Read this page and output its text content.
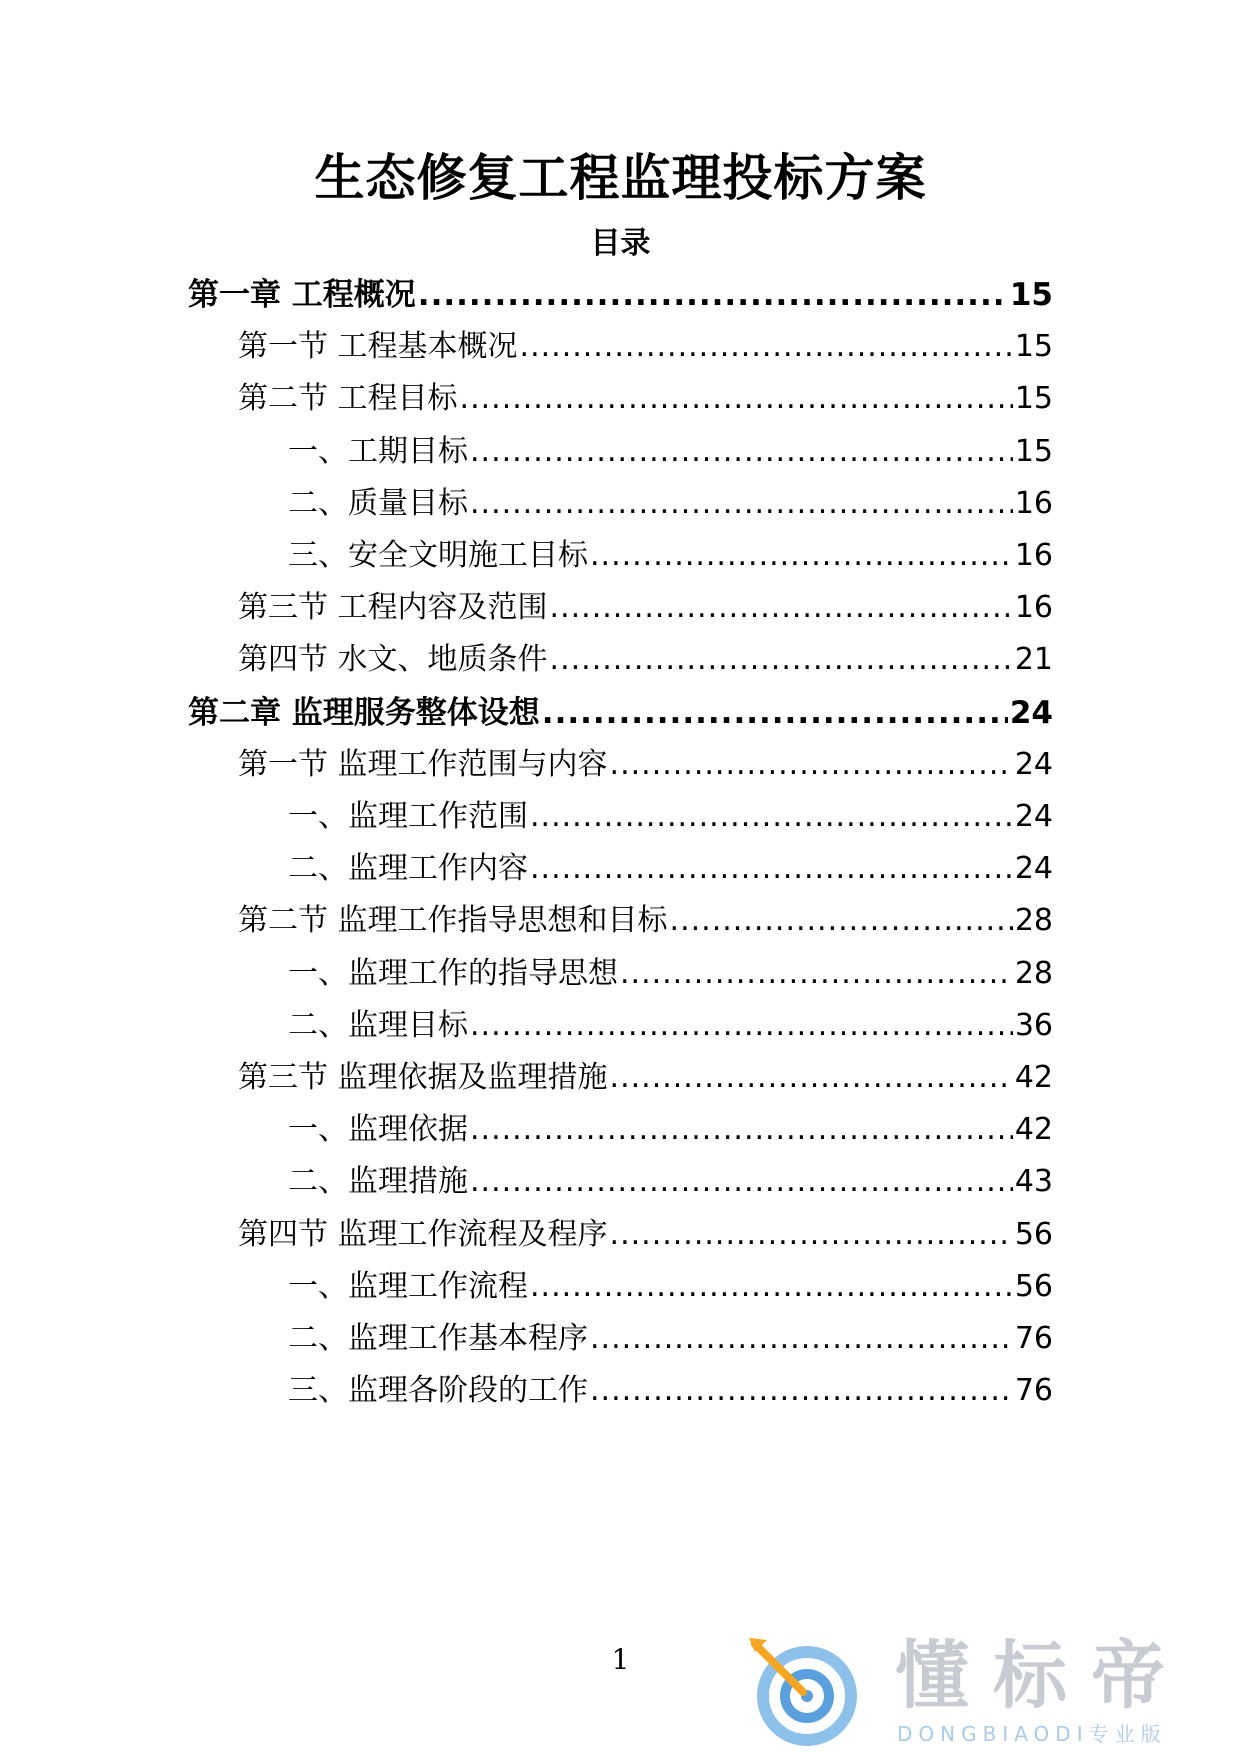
生态修复工程监理投标方案
目录
第一章 工程概况 .....	15
第一节 工程基本概况 .....	15
第二节 工程目标 .....	15
一、工期目标 .....	15
二、质量目标 .....	16
三、安全文明施工目标 .....	16
第三节 工程内容及范围 .....	16
第四节 水文、地质条件 .....	21
第二章 监理服务整体设想 .....	24
第一节 监理工作范围与内容 .....	24
一、监理工作范围 .....	24
二、监理工作内容 .....	24
第二节 监理工作指导思想和目标 .....	28
一、监理工作的指导思想 .....	28
二、监理目标 .....	36
第三节 监理依据及监理措施 .....	42
一、监理依据 .....	42
二、监理措施 .....	43
第四节 监理工作流程及程序 .....	56
一、监理工作流程 .....	56
二、监理工作基本程序 .....	76
三、监理各阶段的工作 .....	76
1	懂标帝
DONGBIAODI专业版
